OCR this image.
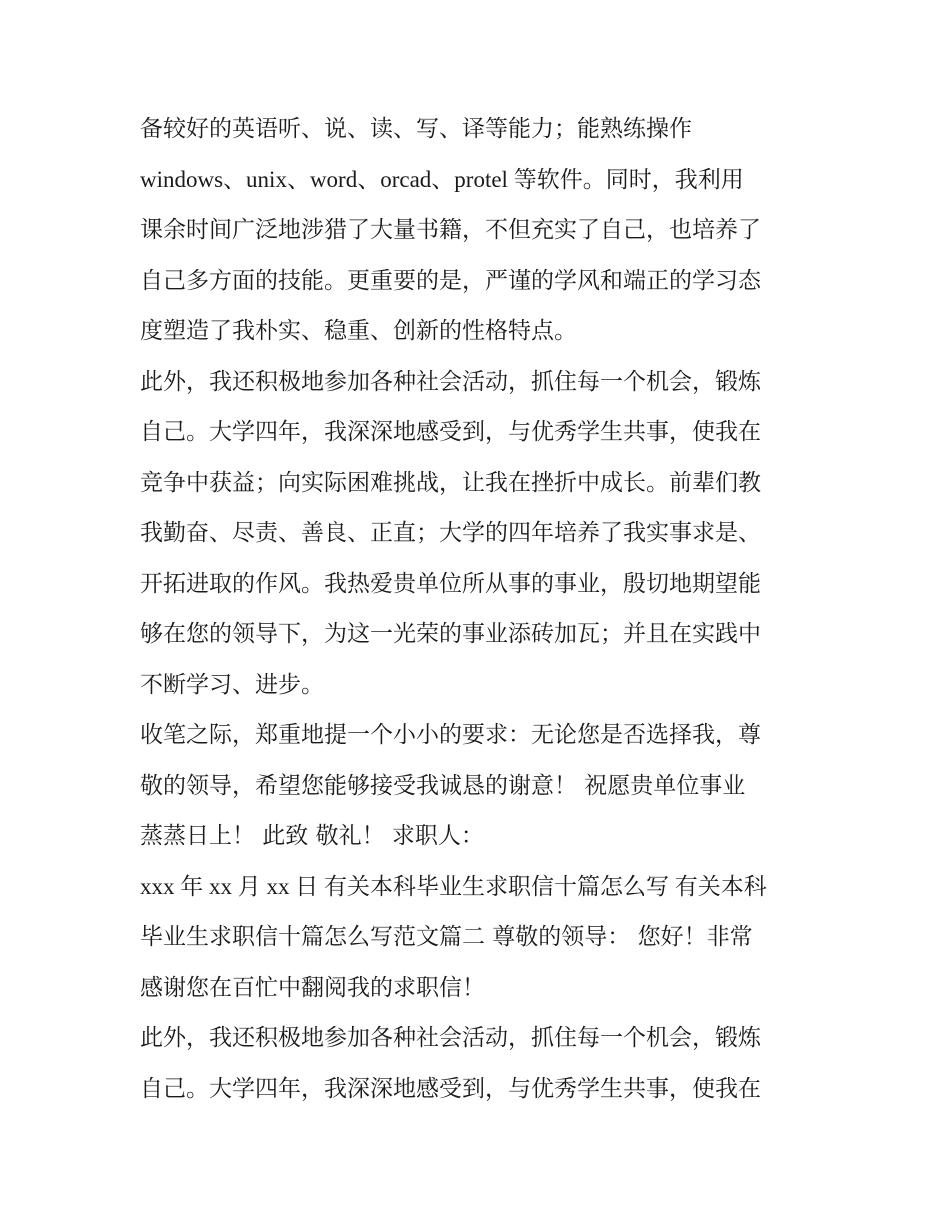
备较好的英语听、说、读、写、译等能力；能熟练操作
windows、unix、word、orcad、protel 等软件。同时，我利用
课余时间广泛地涉猎了大量书籍，不但充实了自己，也培养了
自己多方面的技能。更重要的是，严谨的学风和端正的学习态
度塑造了我朴实、稳重、创新的性格特点。
此外，我还积极地参加各种社会活动，抓住每一个机会，锻炼
自己。大学四年，我深深地感受到，与优秀学生共事，使我在
竞争中获益；向实际困难挑战，让我在挫折中成长。前辈们教
我勤奋、尽责、善良、正直；大学的四年培养了我实事求是、
开拓进取的作风。我热爱贵单位所从事的事业，殷切地期望能
够在您的领导下，为这一光荣的事业添砖加瓦；并且在实践中
不断学习、进步。
收笔之际，郑重地提一个小小的要求：无论您是否选择我，尊
敬的领导，希望您能够接受我诚恳的谢意！ 祝愿贵单位事业
蒸蒸日上！ 此致 敬礼！ 求职人：
xxx 年 xx 月 xx 日 有关本科毕业生求职信十篇怎么写 有关本科
毕业生求职信十篇怎么写范文篇二 尊敬的领导： 您好！非常
感谢您在百忙中翻阅我的求职信！
此外，我还积极地参加各种社会活动，抓住每一个机会，锻炼
自己。大学四年，我深深地感受到，与优秀学生共事，使我在
